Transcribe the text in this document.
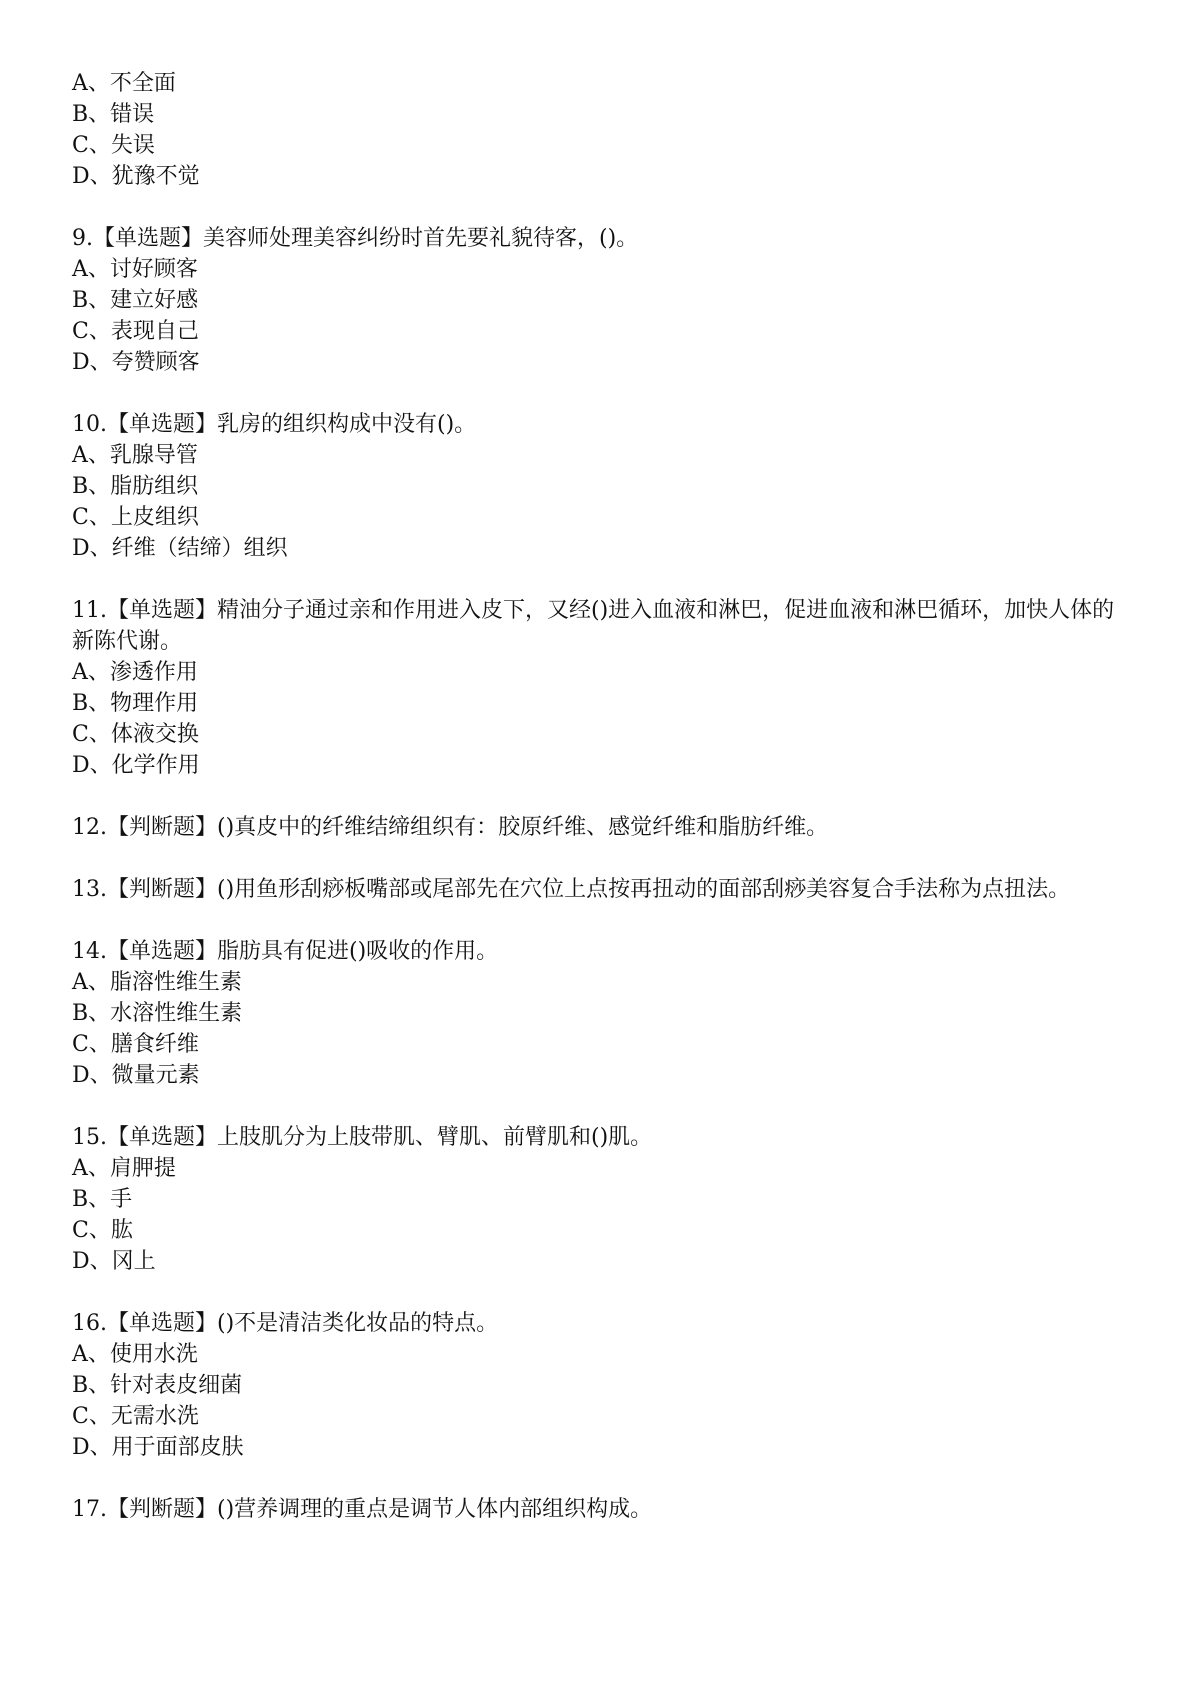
A、不全面
B、错误
C、失误
D、犹豫不觉
9.【单选题】美容师处理美容纠纷时首先要礼貌待客，()。
A、讨好顾客
B、建立好感
C、表现自己
D、夸赞顾客
10.【单选题】乳房的组织构成中没有()。
A、乳腺导管
B、脂肪组织
C、上皮组织
D、纤维（结缔）组织
11.【单选题】精油分子通过亲和作用进入皮下，又经()进入血液和淋巴，促进血液和淋巴循环，加快人体的新陈代谢。
A、渗透作用
B、物理作用
C、体液交换
D、化学作用
12.【判断题】()真皮中的纤维结缔组织有：胶原纤维、感觉纤维和脂肪纤维。
13.【判断题】()用鱼形刮痧板嘴部或尾部先在穴位上点按再扭动的面部刮痧美容复合手法称为点扭法。
14.【单选题】脂肪具有促进()吸收的作用。
A、脂溶性维生素
B、水溶性维生素
C、膳食纤维
D、微量元素
15.【单选题】上肢肌分为上肢带肌、臂肌、前臂肌和()肌。
A、肩胛提
B、手
C、肱
D、冈上
16.【单选题】()不是清洁类化妆品的特点。
A、使用水洗
B、针对表皮细菌
C、无需水洗
D、用于面部皮肤
17.【判断题】()营养调理的重点是调节人体内部组织构成。
